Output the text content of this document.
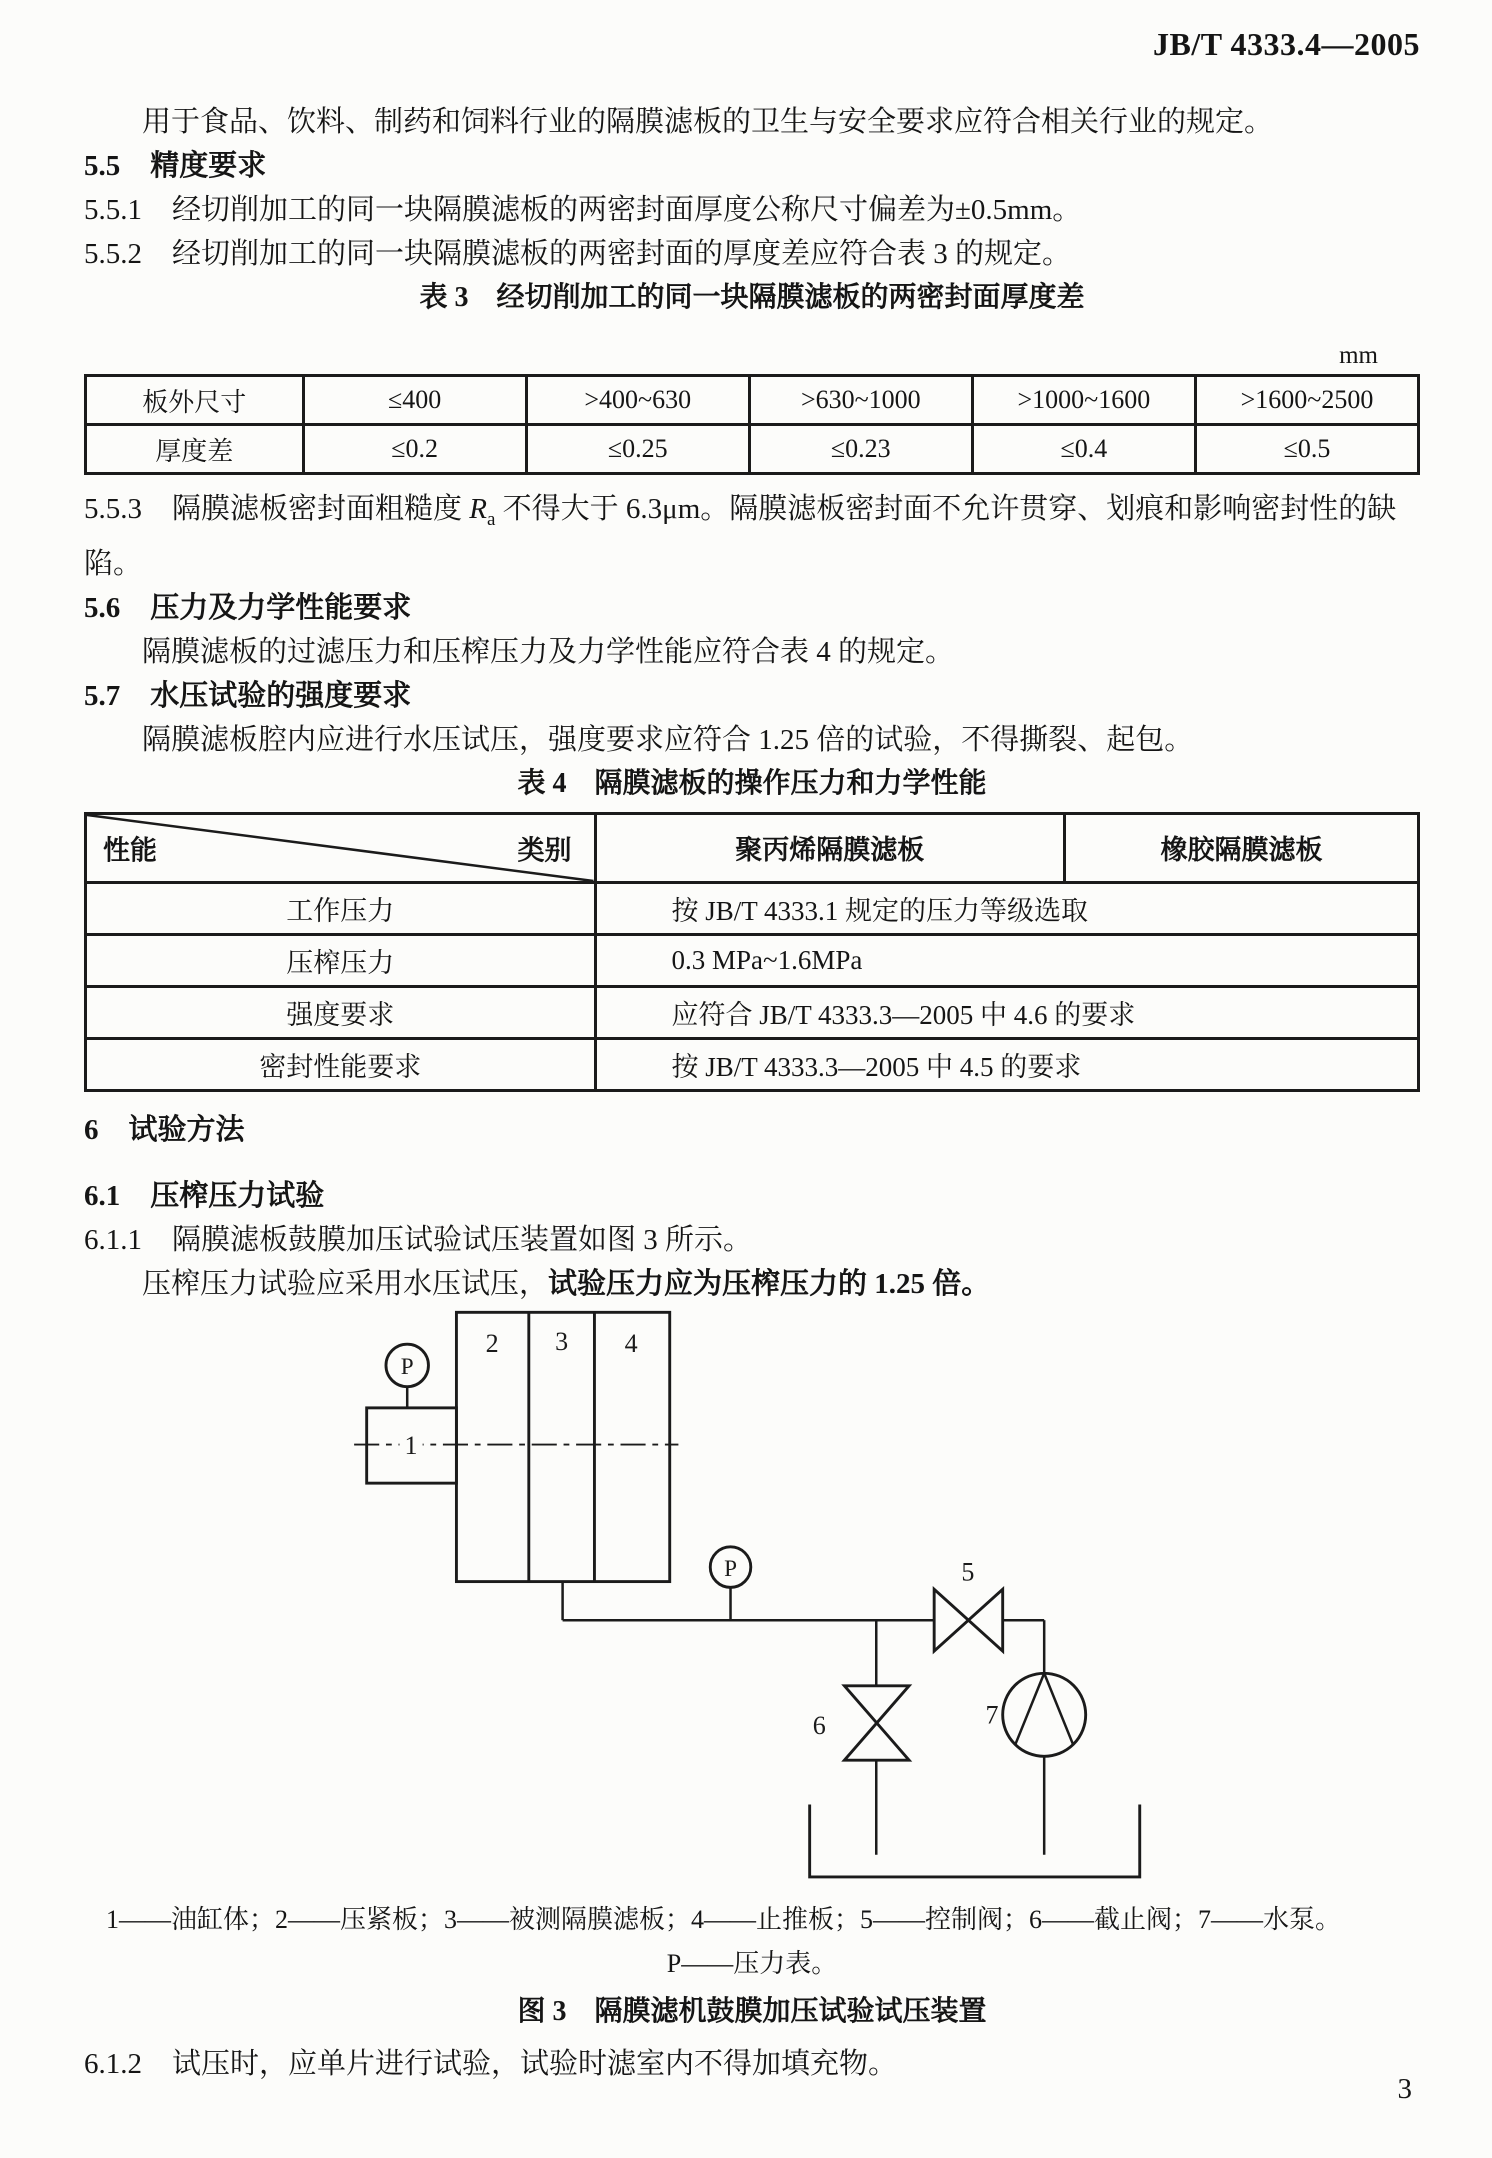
JB/T 4333.4—2005
用于食品、饮料、制药和饲料行业的隔膜滤板的卫生与安全要求应符合相关行业的规定。
5.5 精度要求
5.5.1 经切削加工的同一块隔膜滤板的两密封面厚度公称尺寸偏差为±0.5mm。
5.5.2 经切削加工的同一块隔膜滤板的两密封面的厚度差应符合表 3 的规定。
表 3　经切削加工的同一块隔膜滤板的两密封面厚度差
mm
板外尺寸	≤400	>400~630	>630~1000	>1000~1600	>1600~2500
厚度差	≤0.2	≤0.25	≤0.23	≤0.4	≤0.5
5.5.3 隔膜滤板密封面粗糙度 $R_a$ 不得大于 6.3μm。隔膜滤板密封面不允许贯穿、划痕和影响密封性的缺陷。
5.6 压力及力学性能要求
隔膜滤板的过滤压力和压榨压力及力学性能应符合表 4 的规定。
5.7 水压试验的强度要求
隔膜滤板腔内应进行水压试压，强度要求应符合 1.25 倍的试验，不得撕裂、起包。
表 4　隔膜滤板的操作压力和力学性能
性能 类别	聚丙烯隔膜滤板	橡胶隔膜滤板
工作压力	按 JB/T 4333.1 规定的压力等级选取	
压榨压力	0.3 MPa~1.6MPa	
强度要求	应符合 JB/T 4333.3—2005 中 4.6 的要求	
密封性能要求	按 JB/T 4333.3—2005 中 4.5 的要求	
6 试验方法
6.1 压榨压力试验
6.1.1 隔膜滤板鼓膜加压试验试压装置如图 3 所示。
压榨压力试验应采用水压试压，试验压力应为压榨压力的 1.25 倍。
1
P
2 3 4
P	5
6	7
1——油缸体；2——压紧板；3——被测隔膜滤板；4——止推板；5——控制阀；6——截止阀；7——水泵。
P——压力表。
图 3　隔膜滤机鼓膜加压试验试压装置
6.1.2 试压时，应单片进行试验，试验时滤室内不得加填充物。
3
